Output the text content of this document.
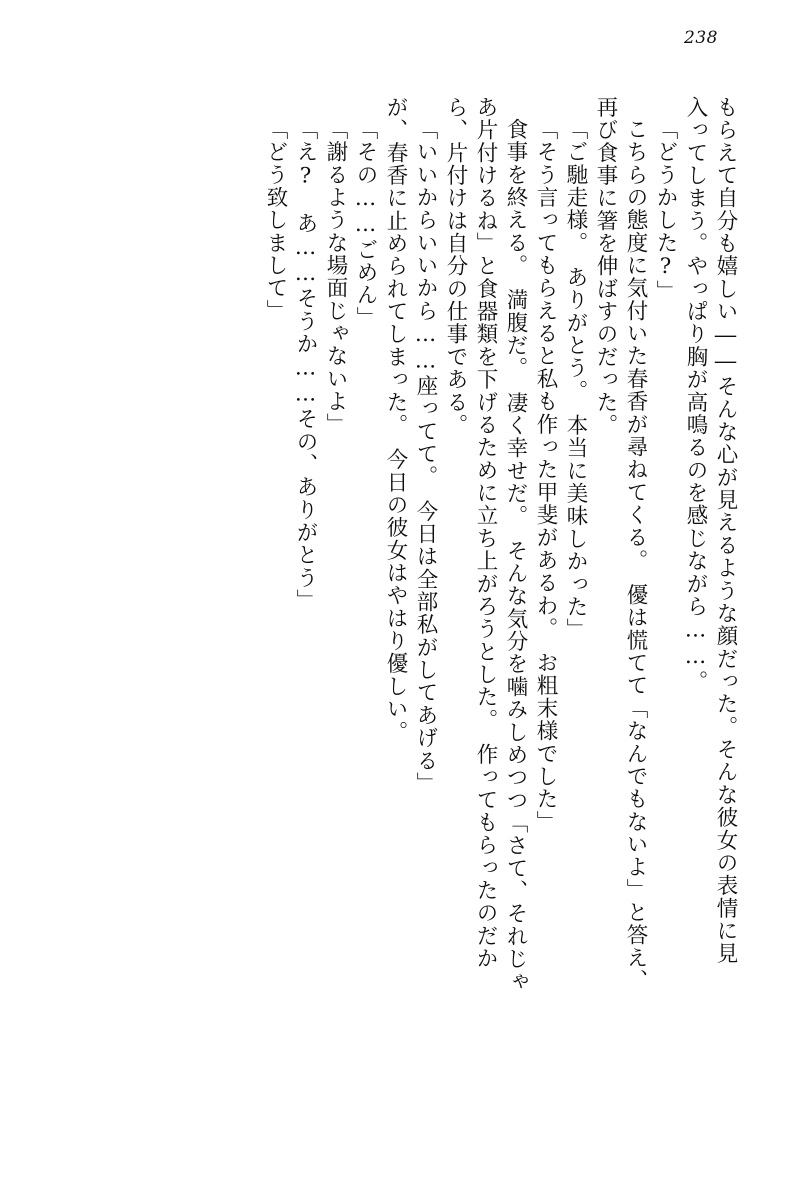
238
もらえて自分も嬉しい――そんな心が見えるような顔だった。そんな彼女の表情に見
入ってしまう。やっぱり胸が高鳴るのを感じながら……。
「どうかした?」
こちらの態度に気付いた春香が尋ねてくる。　優は慌てて「なんでもないよ」と答え、
再び食事に箸を伸ばすのだった。
「ご馳走様。　ありがとう。　本当に美味しかった」
「そう言ってもらえると私も作った甲斐があるわ。　お粗末様でした」
食事を終える。　満腹だ。　凄く幸せだ。　そんな気分を噛みしめつつ「さて、それじゃ
あ片付けるね」と食器類を下げるために立ち上がろうとした。　作ってもらったのだか
ら、片付けは自分の仕事である。
「いいからいいから……座ってて。　今日は全部私がしてあげる」
が、春香に止められてしまった。　今日の彼女はやはり優しい。
「その……ごめん」
「謝るような場面じゃないよ」
「え?　あ……そうか……その、ありがとう」
「どう致しまして」
